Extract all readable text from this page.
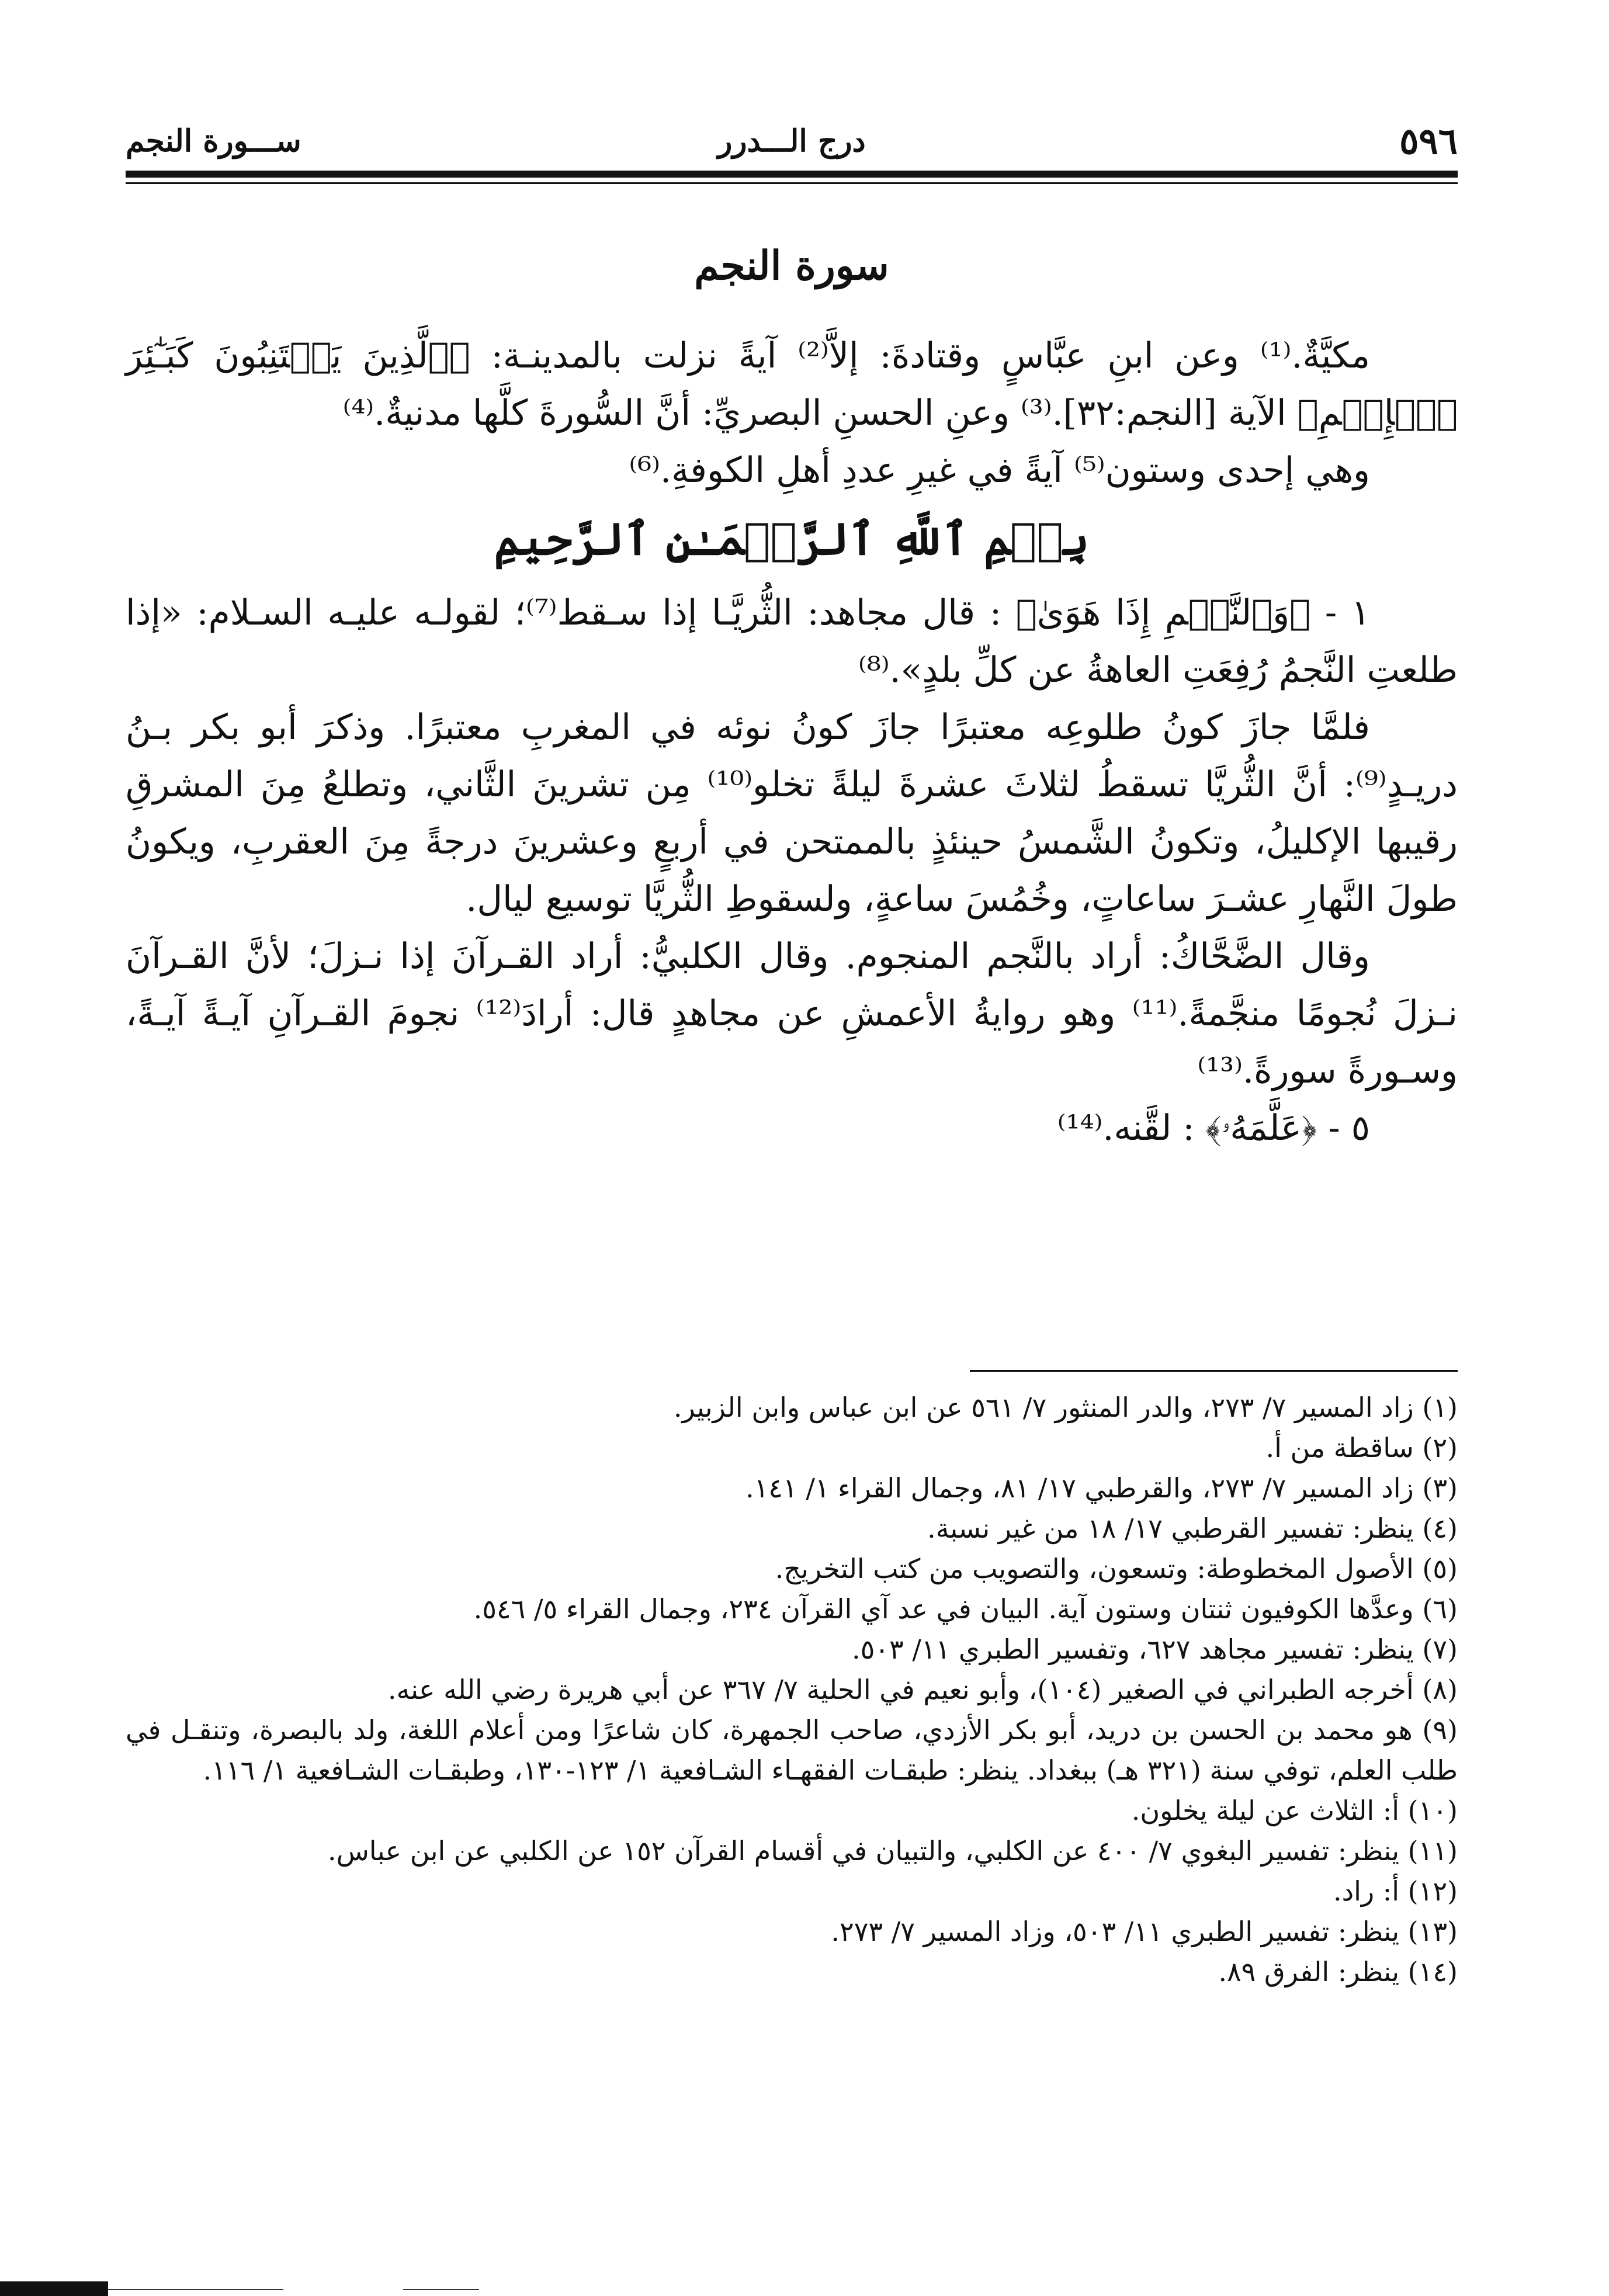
٥٩٦
درج الـــدرر
ســـورة النجم
سورة النجم

مكيَّةٌ.⁽¹⁾ وعن ابنِ عبَّاسٍ وقتادةَ: إلاَّ⁽²⁾ آيةً نزلت بالمدينـة: ﴿ٱلَّذِينَ يَجۡتَنِبُونَ كَبَـٰٓئِرَ ٱلۡإِثۡمِ﴾ الآية [النجم:٣٢].⁽³⁾ وعنِ الحسنِ البصريِّ: أنَّ السُّورةَ كلَّها مدنيةٌ.⁽⁴⁾

وهي إحدى وستون⁽⁵⁾ آيةً في غيرِ عددِ أهلِ الكوفةِ.⁽⁶⁾

بِسۡمِ ٱللَّهِ ٱلرَّحۡمَـٰنِ ٱلرَّحِيمِ

١ - ﴿وَٱلنَّجۡمِ إِذَا هَوَىٰ﴾ : قال مجاهد: الثُّريَّـا إذا سـقط⁽⁷⁾؛ لقولـه عليـه السـلام: «إذا طلعتِ النَّجمُ رُفِعَتِ العاهةُ عن كلِّ بلدٍ».⁽⁸⁾

فلمَّا جازَ كونُ طلوعِه معتبرًا جازَ كونُ نوئه في المغربِ معتبرًا. وذكرَ أبو بكر بـنُ دريـدٍ⁽⁹⁾: أنَّ الثُّريَّا تسقطُ لثلاثَ عشرةَ ليلةً تخلو⁽¹⁰⁾ مِن تشرينَ الثَّاني، وتطلعُ مِنَ المشرقِ رقيبها الإكليلُ، وتكونُ الشَّمسُ حينئذٍ بالممتحن في أربعٍ وعشرينَ درجةً مِنَ العقربِ، ويكونُ طولَ النَّهارِ عشـرَ ساعاتٍ، وخُمُسَ ساعةٍ، ولسقوطِ الثُّريَّا توسيع ليال.

وقال الضَّحَّاكُ: أراد بالنَّجم المنجوم. وقال الكلبيُّ: أراد القـرآنَ إذا نـزلَ؛ لأنَّ القـرآنَ نـزلَ نُجومًا منجَّمةً.⁽¹¹⁾ وهو روايةُ الأعمشِ عن مجاهدٍ قال: أرادَ⁽¹²⁾ نجومَ القـرآنِ آيـةً آيـةً، وسـورةً سورةً.⁽¹³⁾

٥ - ﴿عَلَّمَهُۥ﴾ : لقَّنه.⁽¹⁴⁾

(١) زاد المسير ٧/ ٢٧٣، والدر المنثور ٧/ ٥٦١ عن ابن عباس وابن الزبير.

(٢) ساقطة من أ.

(٣) زاد المسير ٧/ ٢٧٣، والقرطبي ١٧/ ٨١، وجمال القراء ١/ ١٤١.

(٤) ينظر: تفسير القرطبي ١٧/ ١٨ من غير نسبة.

(٥) الأصول المخطوطة: وتسعون، والتصويب من كتب التخريج.

(٦) وعدَّها الكوفيون ثنتان وستون آية. البيان في عد آي القرآن ٢٣٤، وجمال القراء ٥/ ٥٤٦.

(٧) ينظر: تفسير مجاهد ٦٢٧، وتفسير الطبري ١١/ ٥٠٣.

(٨) أخرجه الطبراني في الصغير (١٠٤)، وأبو نعيم في الحلية ٧/ ٣٦٧ عن أبي هريرة رضي الله عنه.

(٩) هو محمد بن الحسن بن دريد، أبو بكر الأزدي، صاحب الجمهرة، كان شاعرًا ومن أعلام اللغة، ولد بالبصرة، وتنقـل في طلب العلم، توفي سنة (٣٢١ هـ) ببغداد. ينظر: طبقـات الفقهـاء الشـافعية ١/ ١٢٣-١٣٠، وطبقـات الشـافعية ١/ ١١٦.

(١٠) أ: الثلاث عن ليلة يخلون.

(١١) ينظر: تفسير البغوي ٧/ ٤٠٠ عن الكلبي، والتبيان في أقسام القرآن ١٥٢ عن الكلبي عن ابن عباس.

(١٢) أ: راد.

(١٣) ينظر: تفسير الطبري ١١/ ٥٠٣، وزاد المسير ٧/ ٢٧٣.

(١٤) ينظر: الفرق ٨٩.
